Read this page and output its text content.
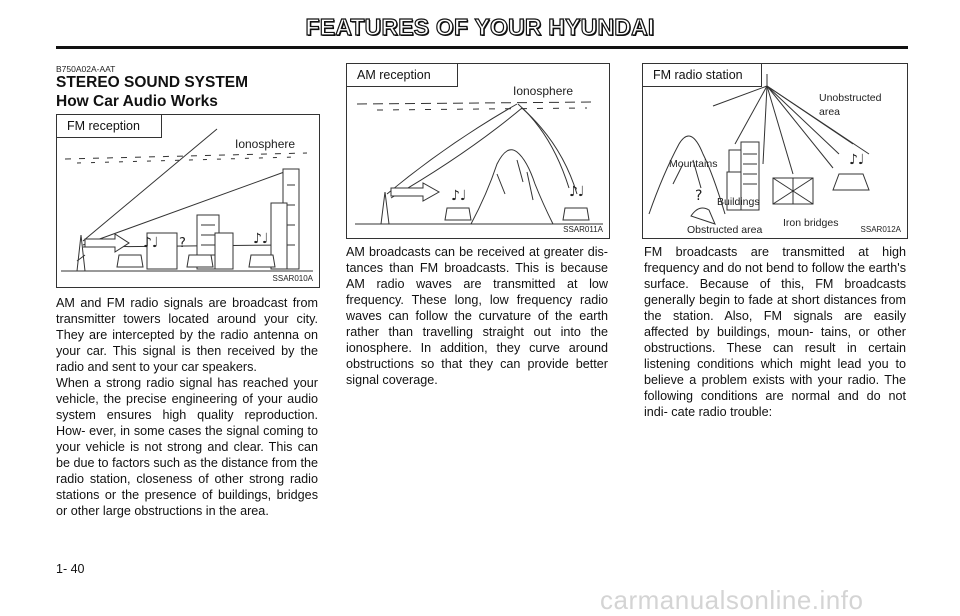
FEATURES OF YOUR HYUNDAI
B750A02A-AAT
STEREO SOUND SYSTEM
How Car Audio Works
♪♩ ?	♪♩
FM reception
Ionosphere
SSAR010A
♪♩	♪♩
AM reception
Ionosphere
SSAR011A
♪♩
?
FM radio station
Unobstructed
area
Mountains
Buildings
Iron bridges
Obstructed area	SSAR012A
AM and FM radio signals are broadcast from transmitter towers located around your city. They are intercepted by the radio antenna on your car. This signal is then received by the radio and sent to your car speakers.
When a strong radio signal has reached your vehicle, the precise engineering of your audio system ensures high quality reproduction. How- ever, in some cases the signal coming to your vehicle is not strong and clear. This can be due to factors such as the distance from the radio station, closeness of other strong radio stations or the presence of buildings, bridges or other large obstructions in the area.
AM broadcasts can be received at greater dis- tances than FM broadcasts. This is because AM radio waves are transmitted at low frequency. These long, low frequency radio waves can follow the curvature of the earth rather than travelling straight out into the ionosphere. In addition, they curve around obstructions so that they can provide better signal coverage.
FM broadcasts are transmitted at high frequency and do not bend to follow the earth's surface. Because of this, FM broadcasts generally begin to fade at short distances from the station. Also, FM signals are easily affected by buildings, moun- tains, or other obstructions. These can result in certain listening conditions which might lead you to believe a problem exists with your radio. The following conditions are normal and do not indi- cate radio trouble:
1- 40
carmanualsonline.info
